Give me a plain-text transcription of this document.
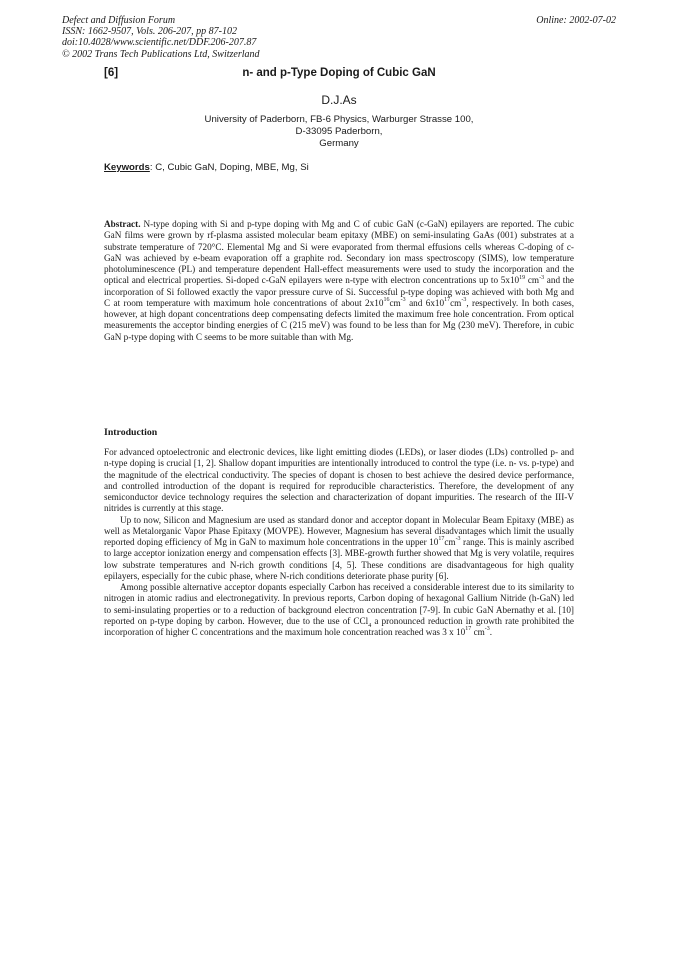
Defect and Diffusion Forum
ISSN: 1662-9507, Vols. 206-207, pp 87-102
doi:10.4028/www.scientific.net/DDF.206-207.87
© 2002 Trans Tech Publications Ltd, Switzerland
Online: 2002-07-02
n- and p-Type Doping of Cubic GaN
[6]
D.J.As
University of Paderborn, FB-6 Physics, Warburger Strasse 100,
D-33095 Paderborn,
Germany
Keywords: C, Cubic GaN, Doping, MBE, Mg, Si

Abstract. N-type doping with Si and p-type doping with Mg and C of cubic GaN (c-GaN) epilayers are reported. The cubic GaN films were grown by rf-plasma assisted molecular beam epitaxy (MBE) on semi-insulating GaAs (001) substrates at a substrate temperature of 720°C. Elemental Mg and Si were evaporated from thermal effusions cells whereas C-doping of c-GaN was achieved by e-beam evaporation off a graphite rod. Secondary ion mass spectroscopy (SIMS), low temperature photoluminescence (PL) and temperature dependent Hall-effect measurements were used to study the incorporation and the optical and electrical properties. Si-doped c-GaN epilayers were n-type with electron concentrations up to $5x10^{19}$ $cm^{-3}$ and the incorporation of Si followed exactly the vapor pressure curve of Si. Successful p-type doping was achieved with both Mg and C at room temperature with maximum hole concentrations of about $2x10^{16}cm^{-3}$ and $6x10^{17}cm^{-3}$, respectively. In both cases, however, at high dopant concentrations deep compensating defects limited the maximum free hole concentration. From optical measurements the acceptor binding energies of C (215 meV) was found to be less than for Mg (230 meV). Therefore, in cubic GaN p-type doping with C seems to be more suitable than with Mg.

Introduction

For advanced optoelectronic and electronic devices, like light emitting diodes (LEDs), or laser diodes (LDs) controlled p- and n-type doping is crucial [1, 2]. Shallow dopant impurities are intentionally introduced to control the type (i.e. n- vs. p-type) and the magnitude of the electrical conductivity. The species of dopant is chosen to best achieve the desired device performance, and controlled introduction of the dopant is required for reproducible characteristics. Therefore, the development of any semiconductor device technology requires the selection and characterization of dopant impurities. The research of the III-V nitrides is currently at this stage.

Up to now, Silicon and Magnesium are used as standard donor and acceptor dopant in Molecular Beam Epitaxy (MBE) as well as Metalorganic Vapor Phase Epitaxy (MOVPE). However, Magnesium has several disadvantages which limit the usually reported doping efficiency of Mg in GaN to maximum hole concentrations in the upper $10^{17}cm^{-3}$ range. This is mainly ascribed to large acceptor ionization energy and compensation effects [3]. MBE-growth further showed that Mg is very volatile, requires low substrate temperatures and N-rich growth conditions [4, 5]. These conditions are disadvantageous for high quality epilayers, especially for the cubic phase, where N-rich conditions deteriorate phase purity [6].

Among possible alternative acceptor dopants especially Carbon has received a considerable interest due to its similarity to nitrogen in atomic radius and electronegativity. In previous reports, Carbon doping of hexagonal Gallium Nitride (h-GaN) led to semi-insulating properties or to a reduction of background electron concentration [7-9]. In cubic GaN Abernathy et al. [10] reported on p-type doping by carbon. However, due to the use of CCl$_4$ a pronounced reduction in growth rate prohibited the incorporation of higher C concentrations and the maximum hole concentration reached was 3 x $10^{17}$ $cm^{-3}$.
